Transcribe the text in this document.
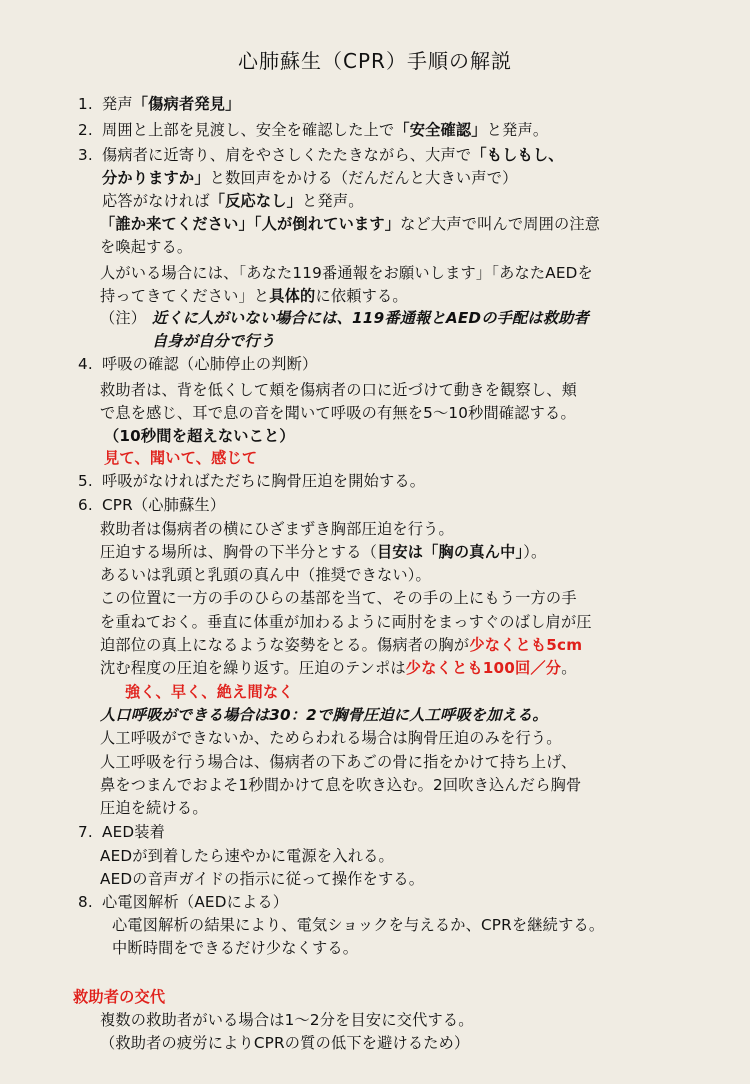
心肺蘇生（CPR）手順の解説
1. 発声「傷病者発見」
2. 周囲と上部を見渡し、安全を確認した上で「安全確認」と発声。
3. 傷病者に近寄り、肩をやさしくたたきながら、大声で「もしもし、
分かりますか」と数回声をかける（だんだんと大きい声で）
応答がなければ「反応なし」と発声。
「誰か来てください」「人が倒れています」など大声で叫んで周囲の注意
を喚起する。
人がいる場合には、「あなた119番通報をお願いします」「あなたAEDを
持ってきてください」と具体的に依頼する。
（注） 近くに人がいない場合には、119番通報とAEDの手配は救助者
自身が自分で行う
4. 呼吸の確認（心肺停止の判断）
救助者は、背を低くして頬を傷病者の口に近づけて動きを観察し、頬
で息を感じ、耳で息の音を聞いて呼吸の有無を5～10秒間確認する。
（10秒間を超えないこと）
見て、聞いて、感じて
5. 呼吸がなければただちに胸骨圧迫を開始する。
6. CPR（心肺蘇生）
救助者は傷病者の横にひざまずき胸部圧迫を行う。
圧迫する場所は、胸骨の下半分とする（目安は「胸の真ん中」）。
あるいは乳頭と乳頭の真ん中（推奨できない）。
この位置に一方の手のひらの基部を当て、その手の上にもう一方の手
を重ねておく。垂直に体重が加わるように両肘をまっすぐのばし肩が圧
迫部位の真上になるような姿勢をとる。傷病者の胸が少なくとも5cm
沈む程度の圧迫を繰り返す。圧迫のテンポは少なくとも100回／分。
強く、早く、絶え間なく
人口呼吸ができる場合は30：2で胸骨圧迫に人工呼吸を加える。
人工呼吸ができないか、ためらわれる場合は胸骨圧迫のみを行う。
人工呼吸を行う場合は、傷病者の下あごの骨に指をかけて持ち上げ、
鼻をつまんでおよそ1秒間かけて息を吹き込む。2回吹き込んだら胸骨
圧迫を続ける。
7. AED装着
AEDが到着したら速やかに電源を入れる。
AEDの音声ガイドの指示に従って操作をする。
8. 心電図解析（AEDによる）
心電図解析の結果により、電気ショックを与えるか、CPRを継続する。
中断時間をできるだけ少なくする。
救助者の交代
複数の救助者がいる場合は1～2分を目安に交代する。
（救助者の疲労によりCPRの質の低下を避けるため）
